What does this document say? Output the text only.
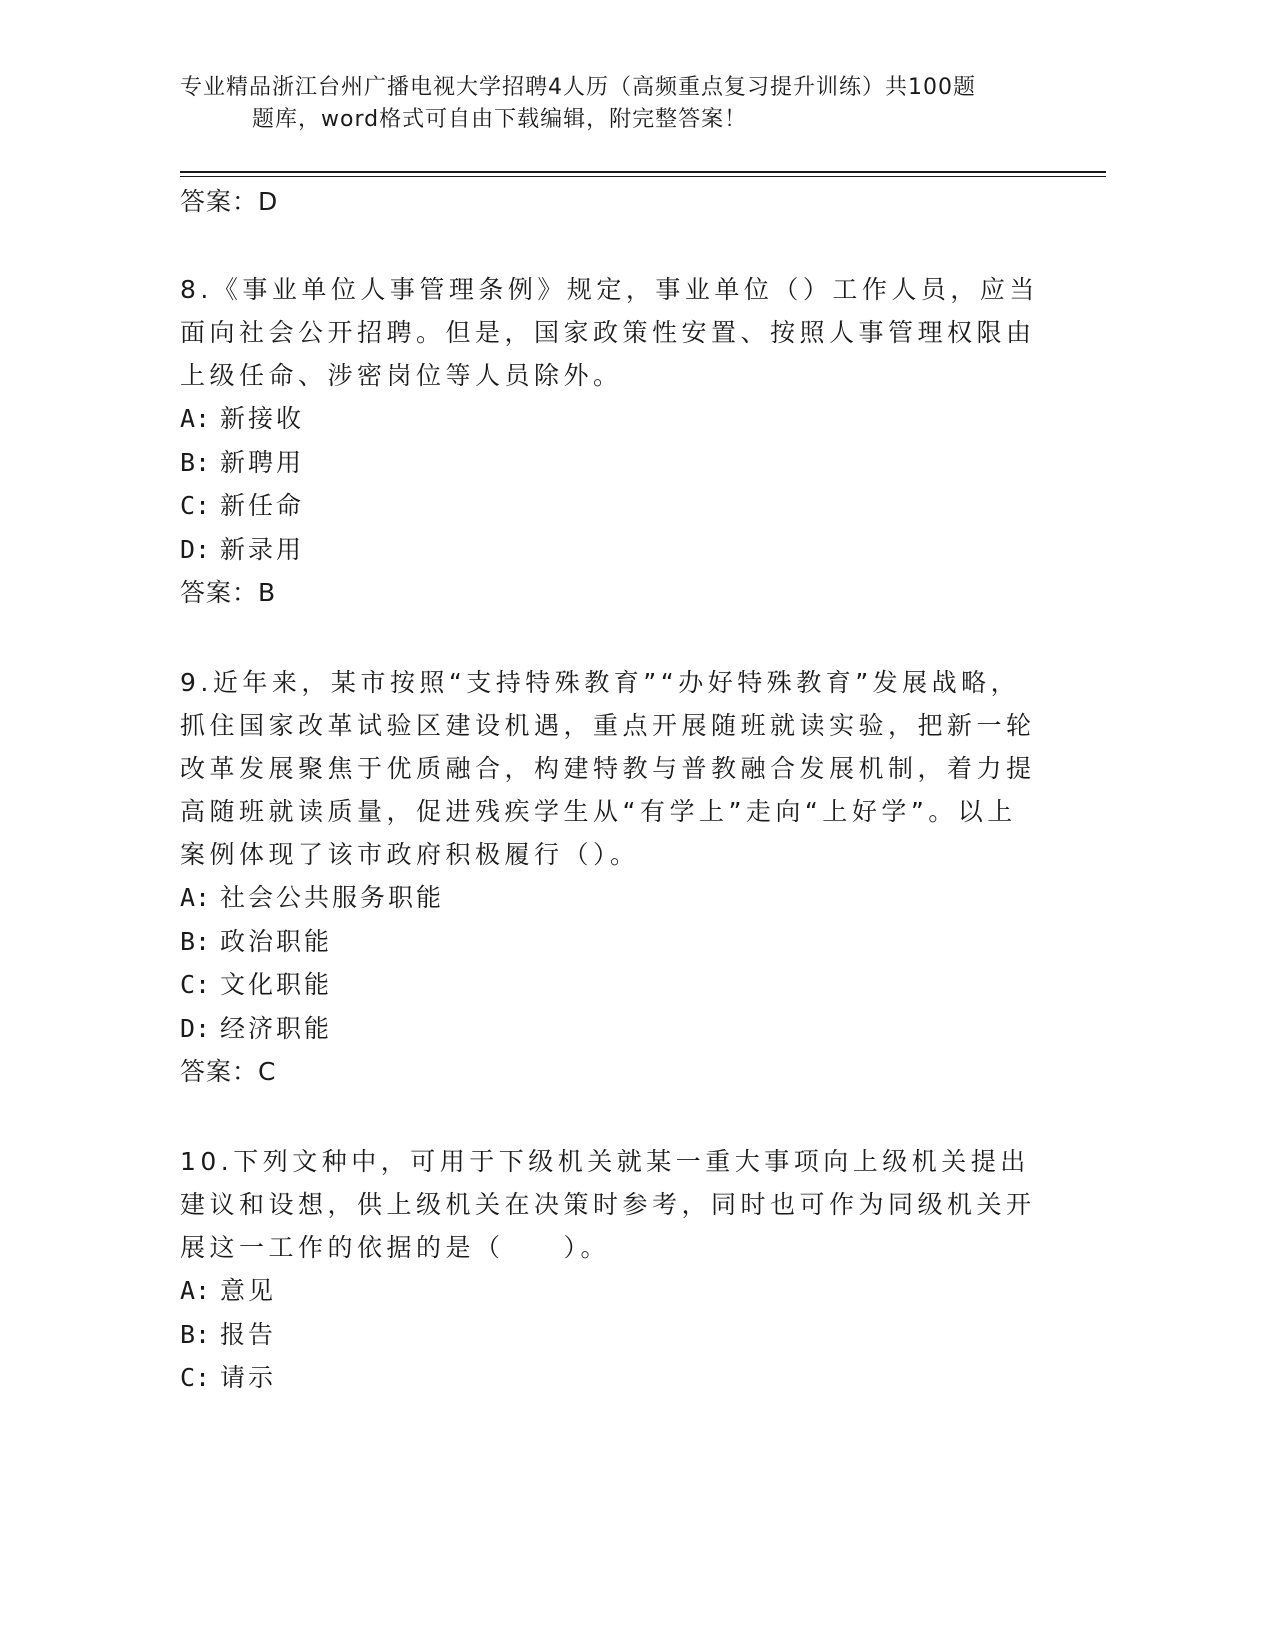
专业精品浙江台州广播电视大学招聘4人历（高频重点复习提升训练）共100题
题库，word格式可自由下载编辑，附完整答案！
答案：D
8.《事业单位人事管理条例》规定，事业单位（）工作人员，应当面向社会公开招聘。但是，国家政策性安置、按照人事管理权限由上级任命、涉密岗位等人员除外。
A: 新接收
B: 新聘用
C: 新任命
D: 新录用
答案：B
9.近年来，某市按照“支持特殊教育”“办好特殊教育”发展战略，抓住国家改革试验区建设机遇，重点开展随班就读实验，把新一轮改革发展聚焦于优质融合，构建特教与普教融合发展机制，着力提高随班就读质量，促进残疾学生从“有学上”走向“上好学”。以上案例体现了该市政府积极履行（）。
A: 社会公共服务职能
B: 政治职能
C: 文化职能
D: 经济职能
答案：C
10.下列文种中，可用于下级机关就某一重大事项向上级机关提出建议和设想，供上级机关在决策时参考，同时也可作为同级机关开展这一工作的依据的是（　　）。
A: 意见
B: 报告
C: 请示
